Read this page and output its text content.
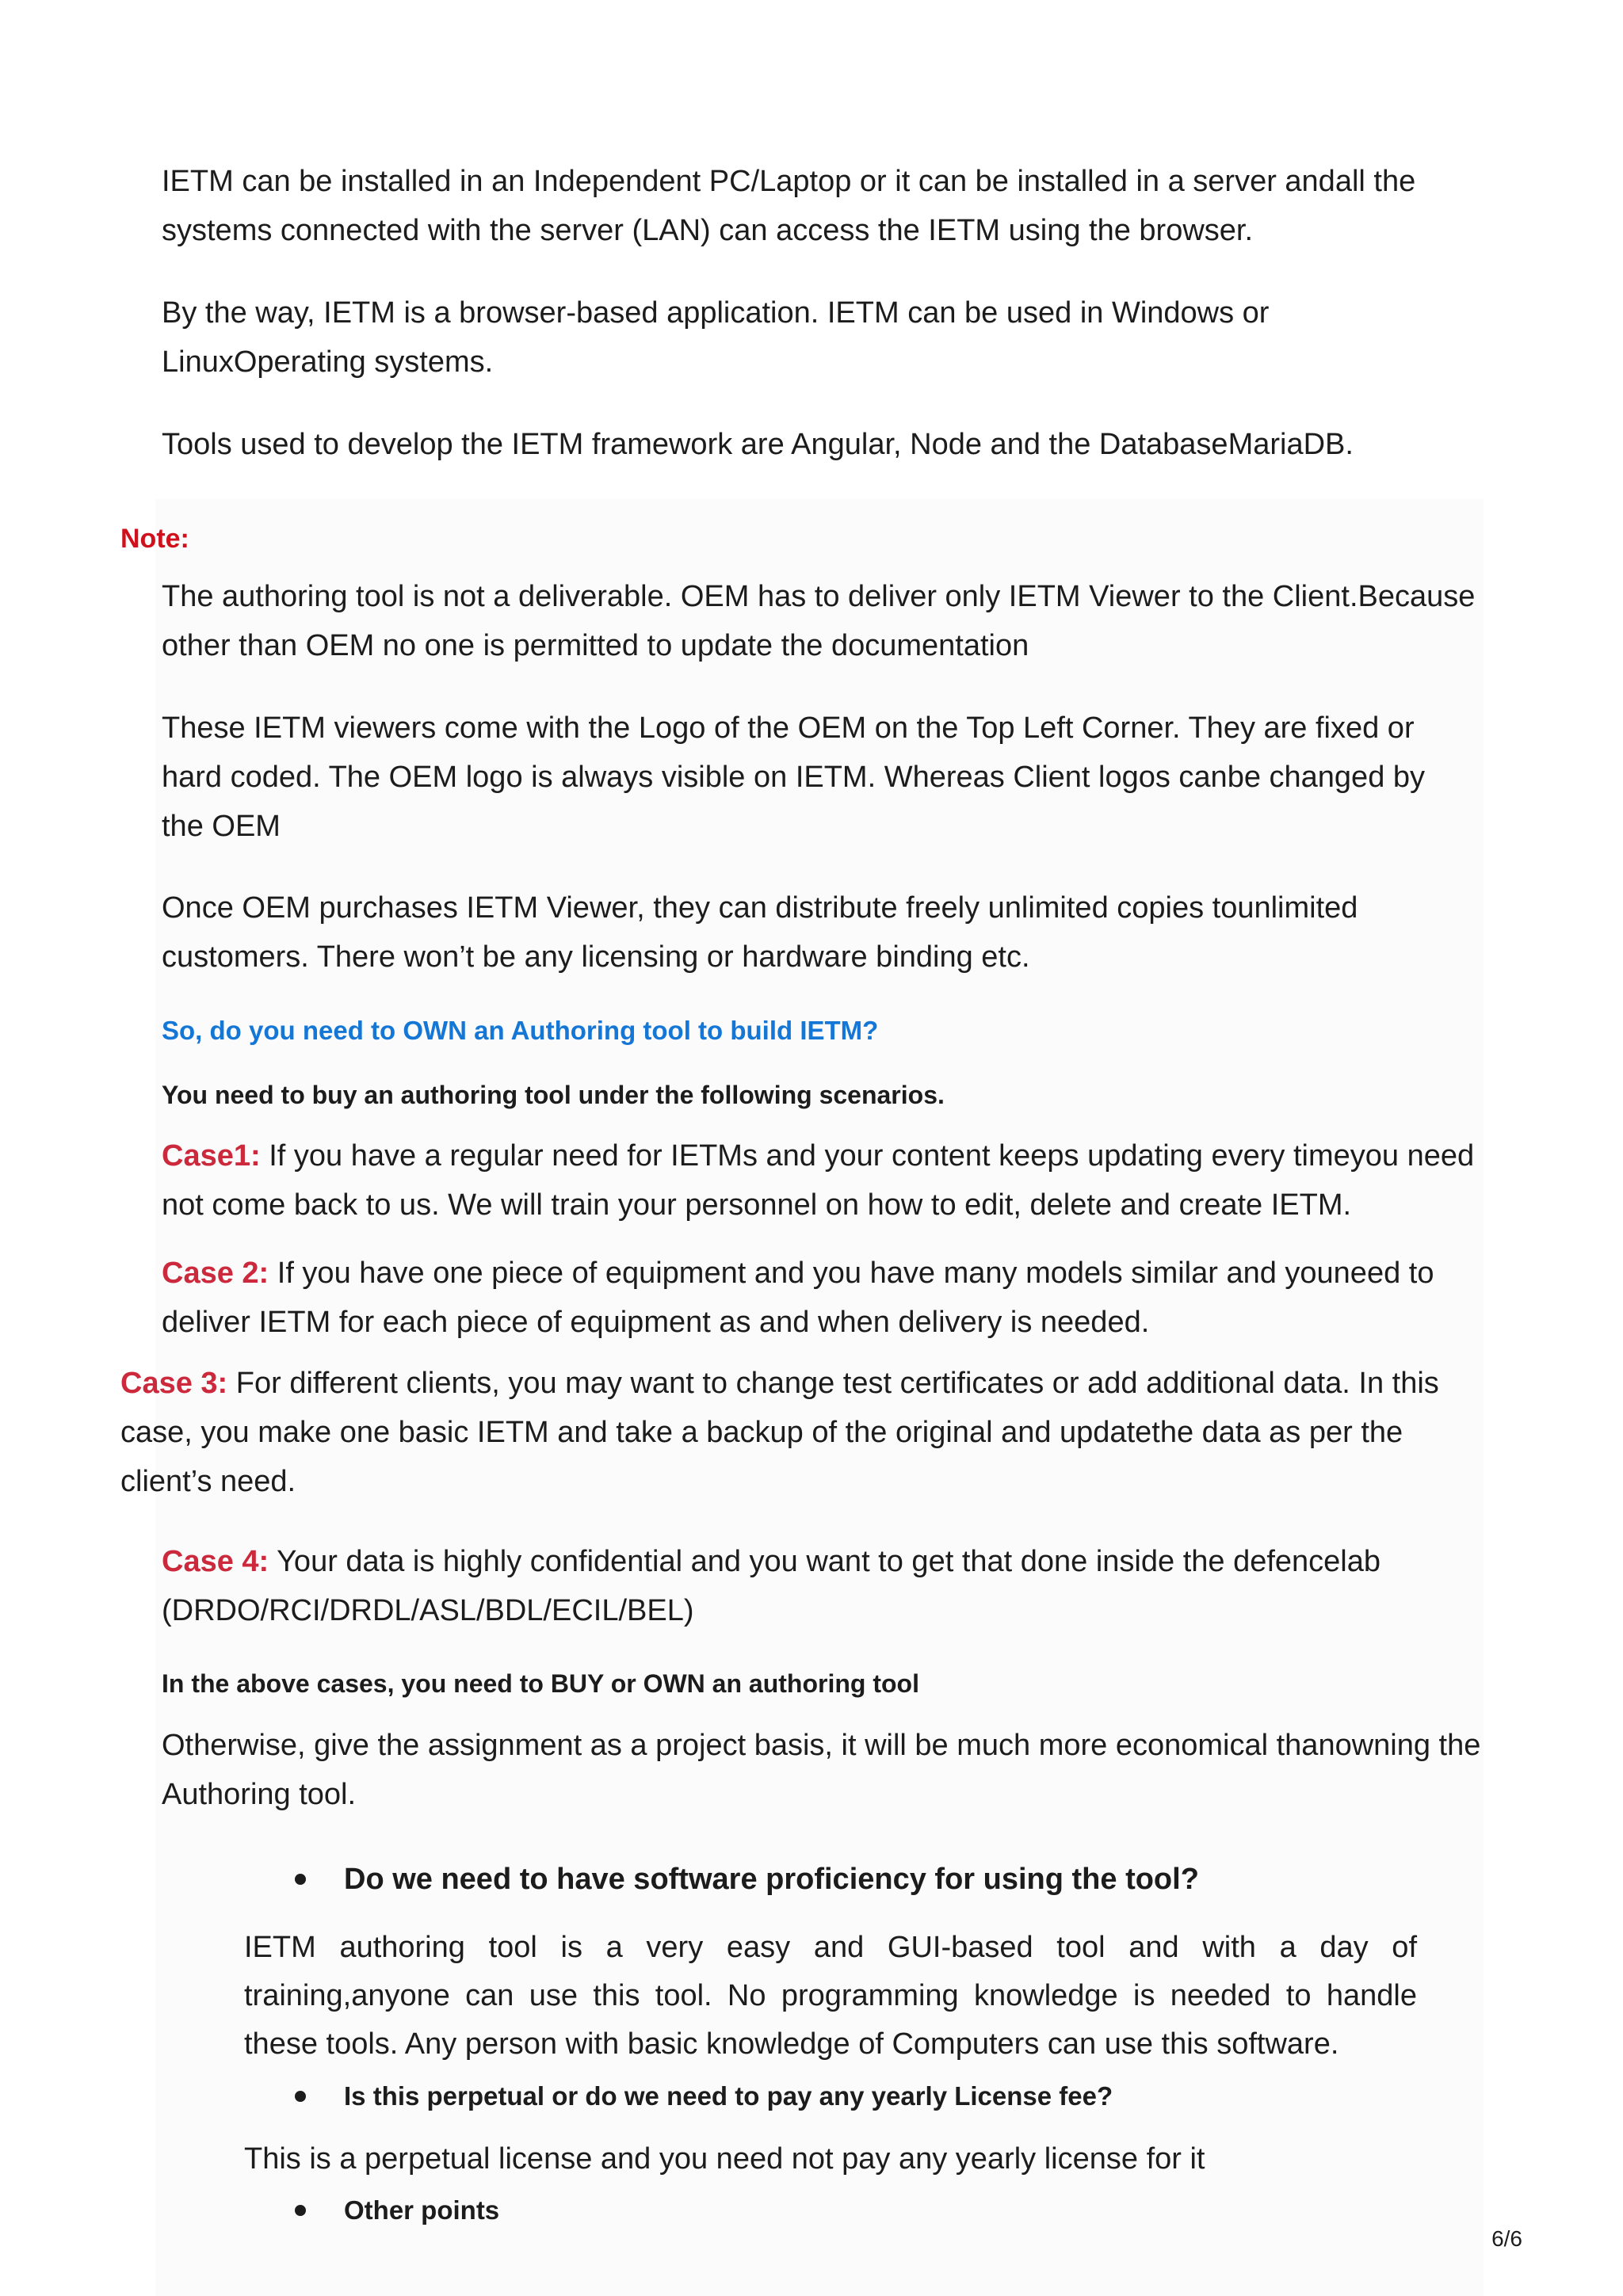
IETM can be installed in an Independent PC/Laptop or it can be installed in a server andall the systems connected with the server (LAN) can access the IETM using the browser.

By the way, IETM is a browser-based application. IETM can be used in Windows or LinuxOperating systems.

Tools used to develop the IETM framework are Angular, Node and the DatabaseMariaDB.

Note:

The authoring tool is not a deliverable. OEM has to deliver only IETM Viewer to the Client.Because other than OEM no one is permitted to update the documentation

These IETM viewers come with the Logo of the OEM on the Top Left Corner. They are fixed or hard coded. The OEM logo is always visible on IETM. Whereas Client logos canbe changed by the OEM

Once OEM purchases IETM Viewer, they can distribute freely unlimited copies tounlimited customers. There won’t be any licensing or hardware binding etc.

So, do you need to OWN an Authoring tool to build IETM?

You need to buy an authoring tool under the following scenarios.

Case1: If you have a regular need for IETMs and your content keeps updating every timeyou need not come back to us. We will train your personnel on how to edit, delete and create IETM.

Case 2: If you have one piece of equipment and you have many models similar and youneed to deliver IETM for each piece of equipment as and when delivery is needed.

Case 3: For different clients, you may want to change test certificates or add additional data. In this case, you make one basic IETM and take a backup of the original and updatethe data as per the client’s need.

Case 4: Your data is highly confidential and you want to get that done inside the defencelab (DRDO/RCI/DRDL/ASL/BDL/ECIL/BEL)

In the above cases, you need to BUY or OWN an authoring tool

Otherwise, give the assignment as a project basis, it will be much more economical thanowning the Authoring tool.

Do we need to have software proficiency for using the tool?

IETM authoring tool is a very easy and GUI-based tool and with a day of training,anyone can use this tool. No programming knowledge is needed to handle these tools. Any person with basic knowledge of Computers can use this software.

Is this perpetual or do we need to pay any yearly License fee?

This is a perpetual license and you need not pay any yearly license for it

Other points
6/6
